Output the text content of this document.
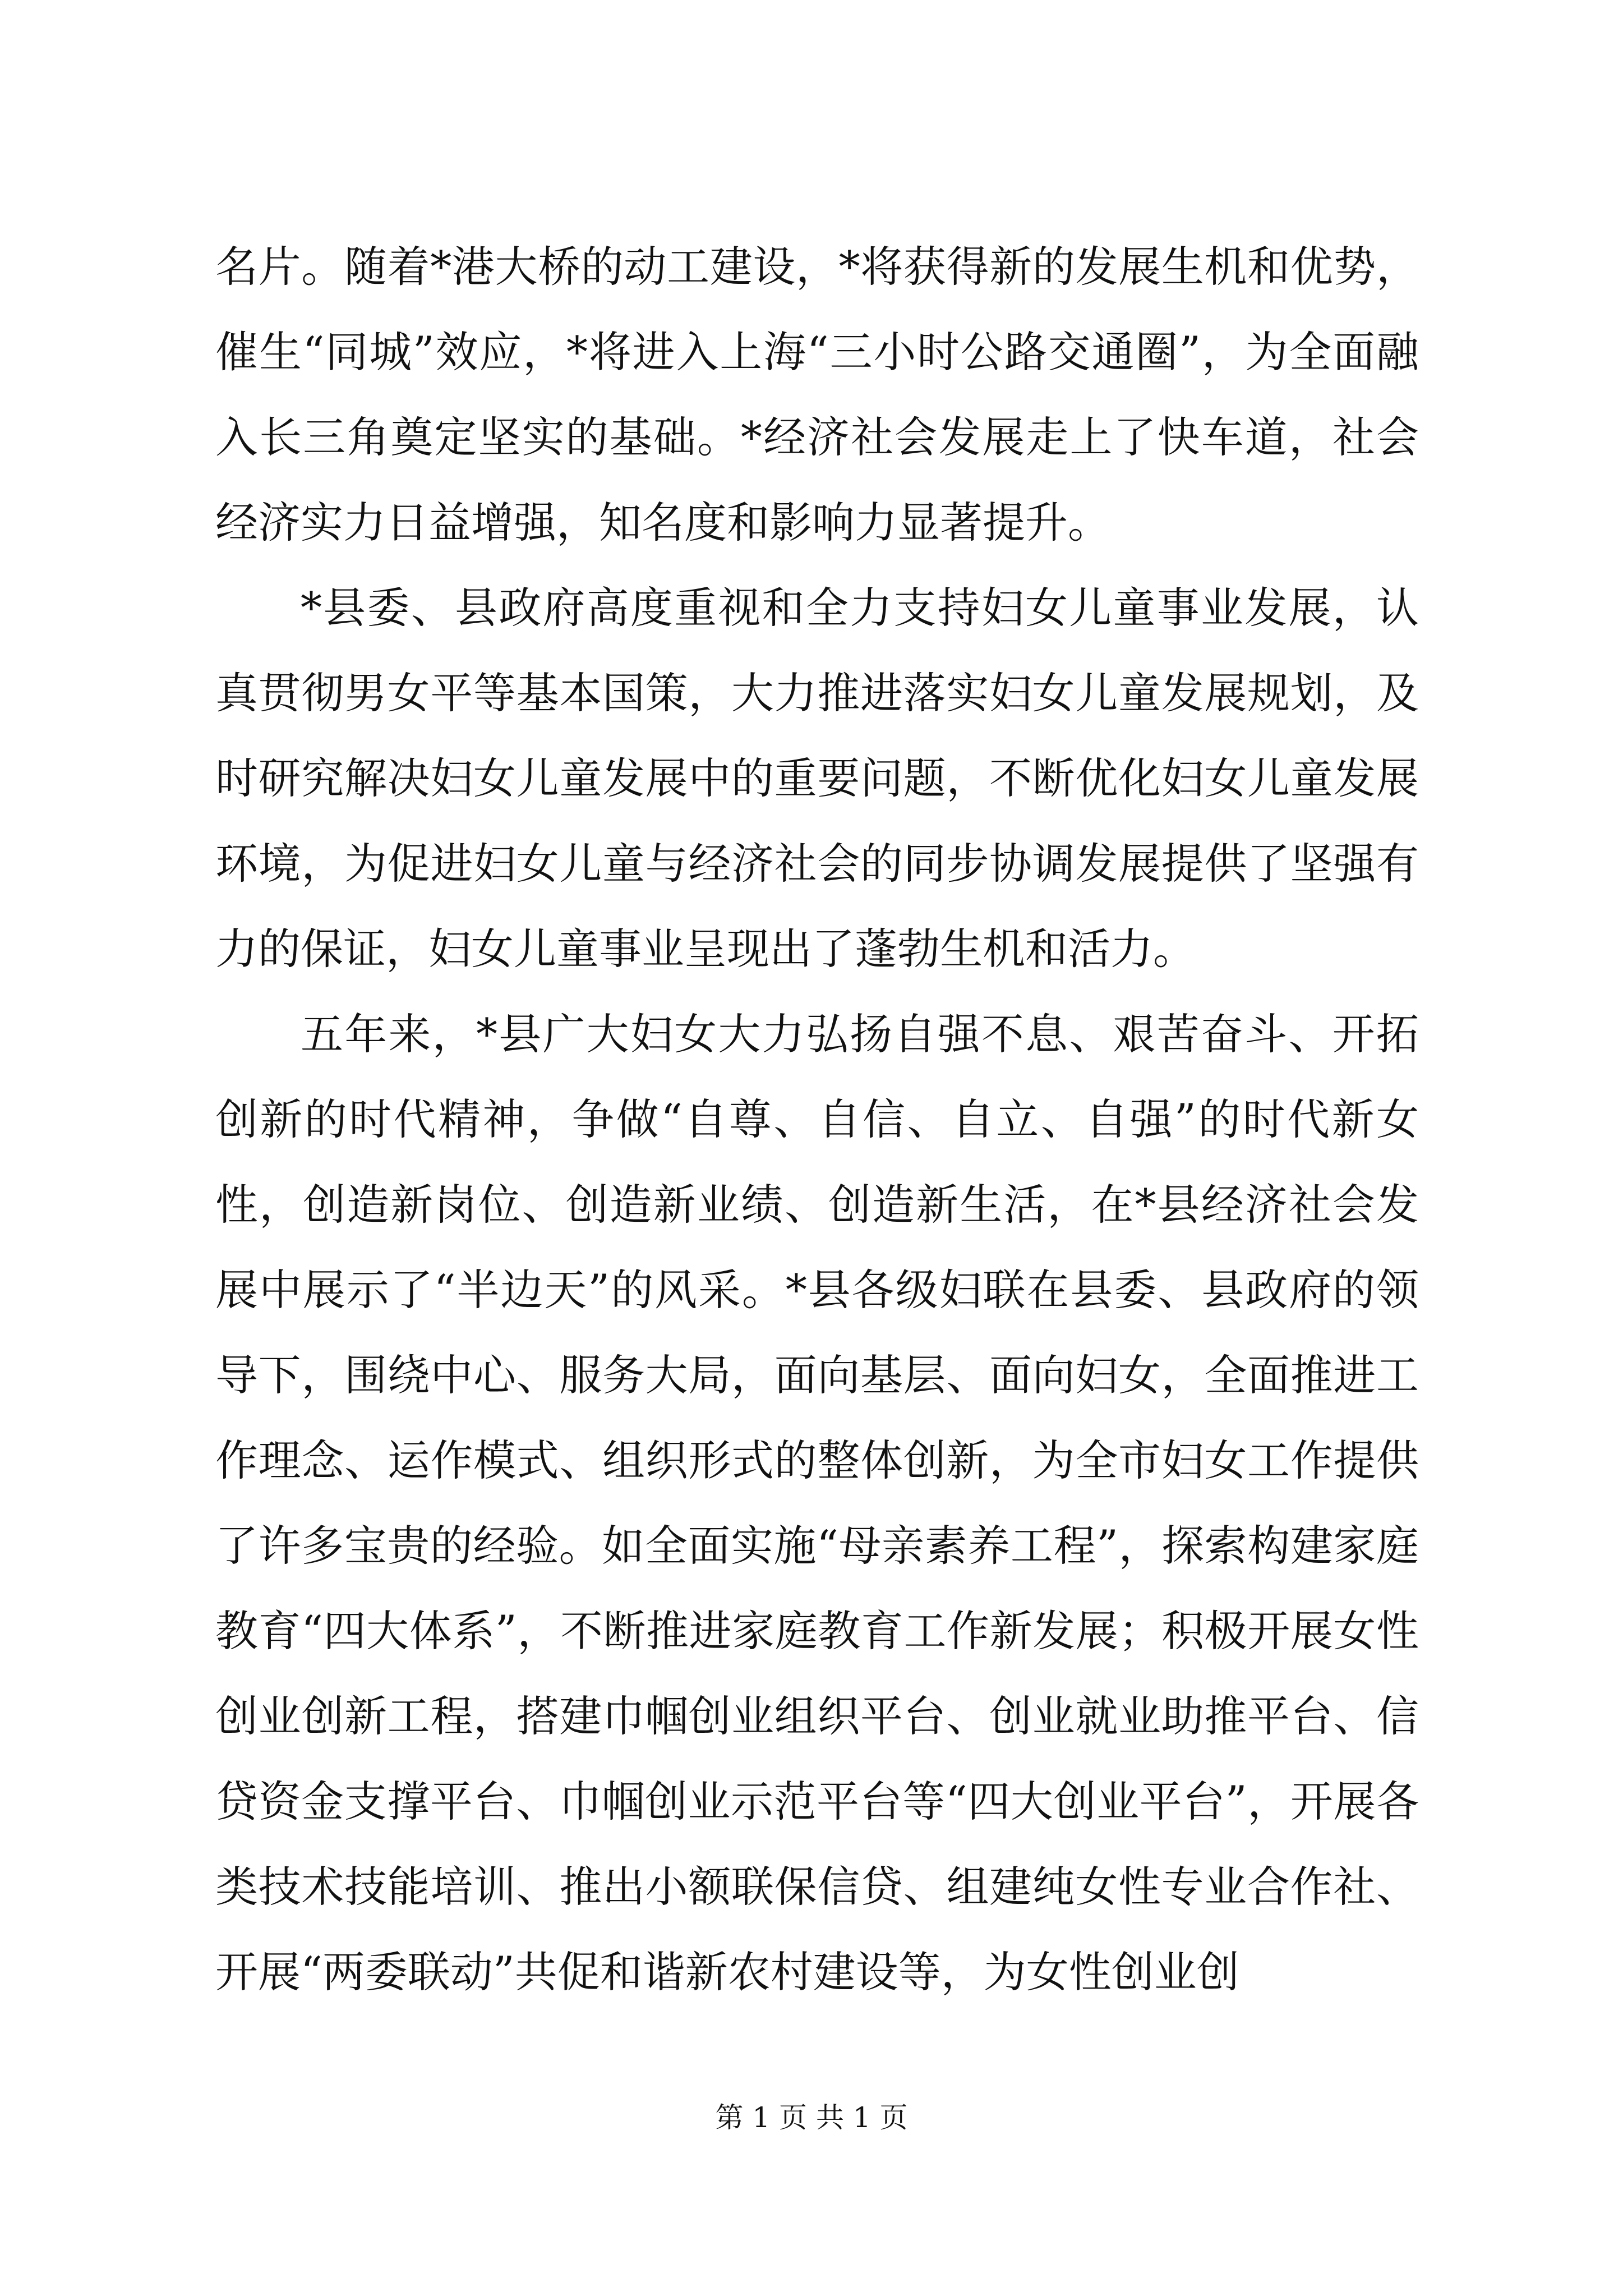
名片。随着*港大桥的动工建设，*将获得新的发展生机和优势，催生“同城”效应，*将进入上海“三小时公路交通圈”，为全面融入长三角奠定坚实的基础。*经济社会发展走上了快车道，社会经济实力日益增强，知名度和影响力显著提升。

*县委、县政府高度重视和全力支持妇女儿童事业发展，认真贯彻男女平等基本国策，大力推进落实妇女儿童发展规划，及时研究解决妇女儿童发展中的重要问题，不断优化妇女儿童发展环境，为促进妇女儿童与经济社会的同步协调发展提供了坚强有力的保证，妇女儿童事业呈现出了蓬勃生机和活力。

五年来，*县广大妇女大力弘扬自强不息、艰苦奋斗、开拓创新的时代精神，争做“自尊、自信、自立、自强”的时代新女性，创造新岗位、创造新业绩、创造新生活，在*县经济社会发展中展示了“半边天”的风采。*县各级妇联在县委、县政府的领导下，围绕中心、服务大局，面向基层、面向妇女，全面推进工作理念、运作模式、组织形式的整体创新，为全市妇女工作提供了许多宝贵的经验。如全面实施“母亲素养工程”，探索构建家庭教育“四大体系”，不断推进家庭教育工作新发展；积极开展女性创业创新工程，搭建巾帼创业组织平台、创业就业助推平台、信贷资金支撑平台、巾帼创业示范平台等“四大创业平台”，开展各类技术技能培训、推出小额联保信贷、组建纯女性专业合作社、开展“两委联动”共促和谐新农村建设等，为女性创业创

第 1 页 共 1 页
